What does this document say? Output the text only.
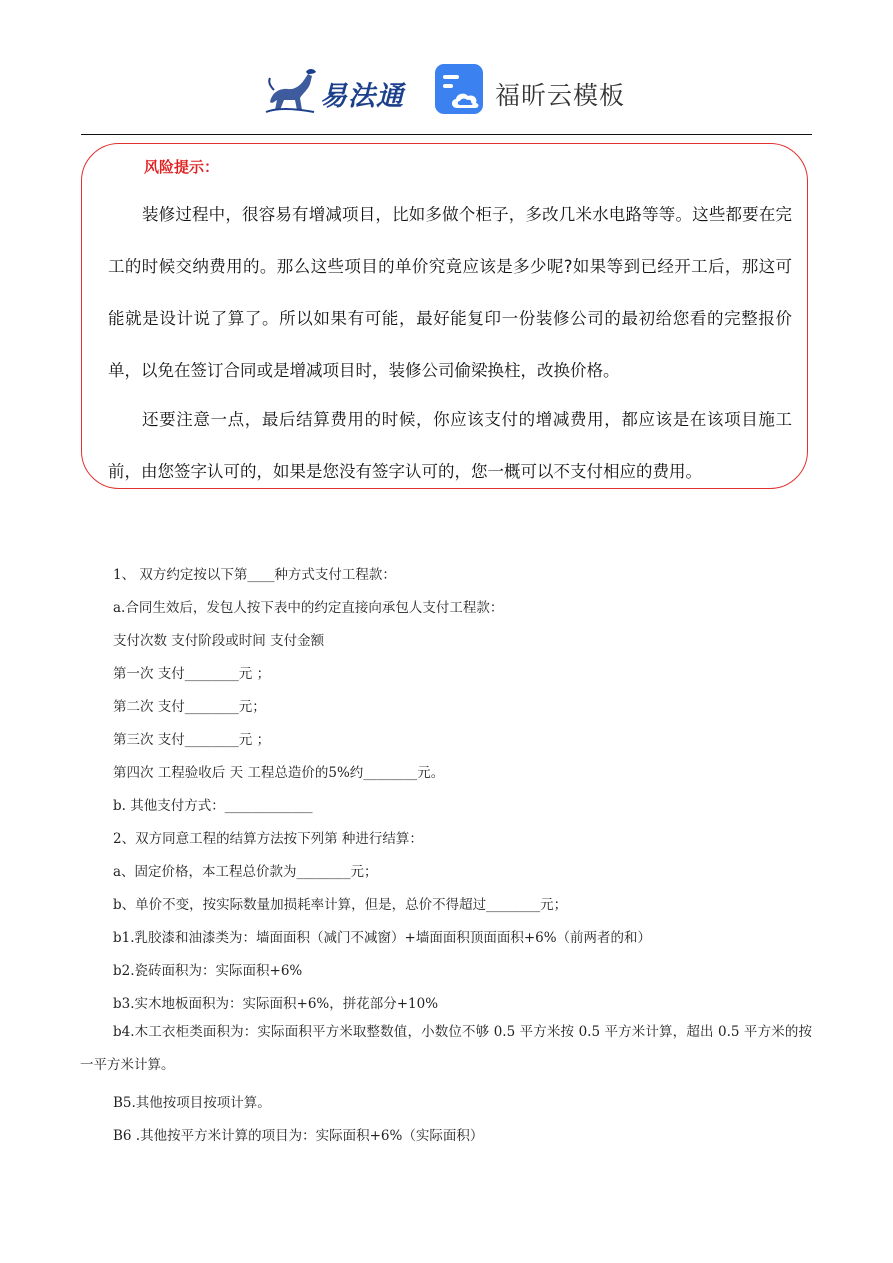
易法通	福昕云模板
风险提示：

装修过程中，很容易有增减项目，比如多做个柜子，多改几米水电路等等。这些都要在完工的时候交纳费用的。那么这些项目的单价究竟应该是多少呢?如果等到已经开工后，那这可能就是设计说了算了。所以如果有可能，最好能复印一份装修公司的最初给您看的完整报价单，以免在签订合同或是增减项目时，装修公司偷梁换柱，改换价格。

还要注意一点，最后结算费用的时候，你应该支付的增减费用，都应该是在该项目施工前，由您签字认可的，如果是您没有签字认可的，您一概可以不支付相应的费用。

1、 双方约定按以下第____种方式支付工程款：
a.合同生效后，发包人按下表中的约定直接向承包人支付工程款：
支付次数 支付阶段或时间 支付金额
第一次 支付________元 ；
第二次 支付________元；
第三次 支付________元 ；
第四次 工程验收后 天 工程总造价的5%约________元。
b. 其他支付方式：_____________
2、双方同意工程的结算方法按下列第 种进行结算：
a、固定价格，本工程总价款为________元；
b、单价不变，按实际数量加损耗率计算，但是，总价不得超过________元；
b1.乳胶漆和油漆类为：墙面面积（减门不减窗）+墙面面积顶面面积+6%（前两者的和）
b2.瓷砖面积为：实际面积+6%
b3.实木地板面积为：实际面积+6%，拼花部分+10%

b4.木工衣柜类面积为：实际面积平方米取整数值，小数位不够 0.5 平方米按 0.5 平方米计算，超出 0.5 平方米的按一平方米计算。

B5.其他按项目按项计算。
B6 .其他按平方米计算的项目为：实际面积+6%（实际面积）
